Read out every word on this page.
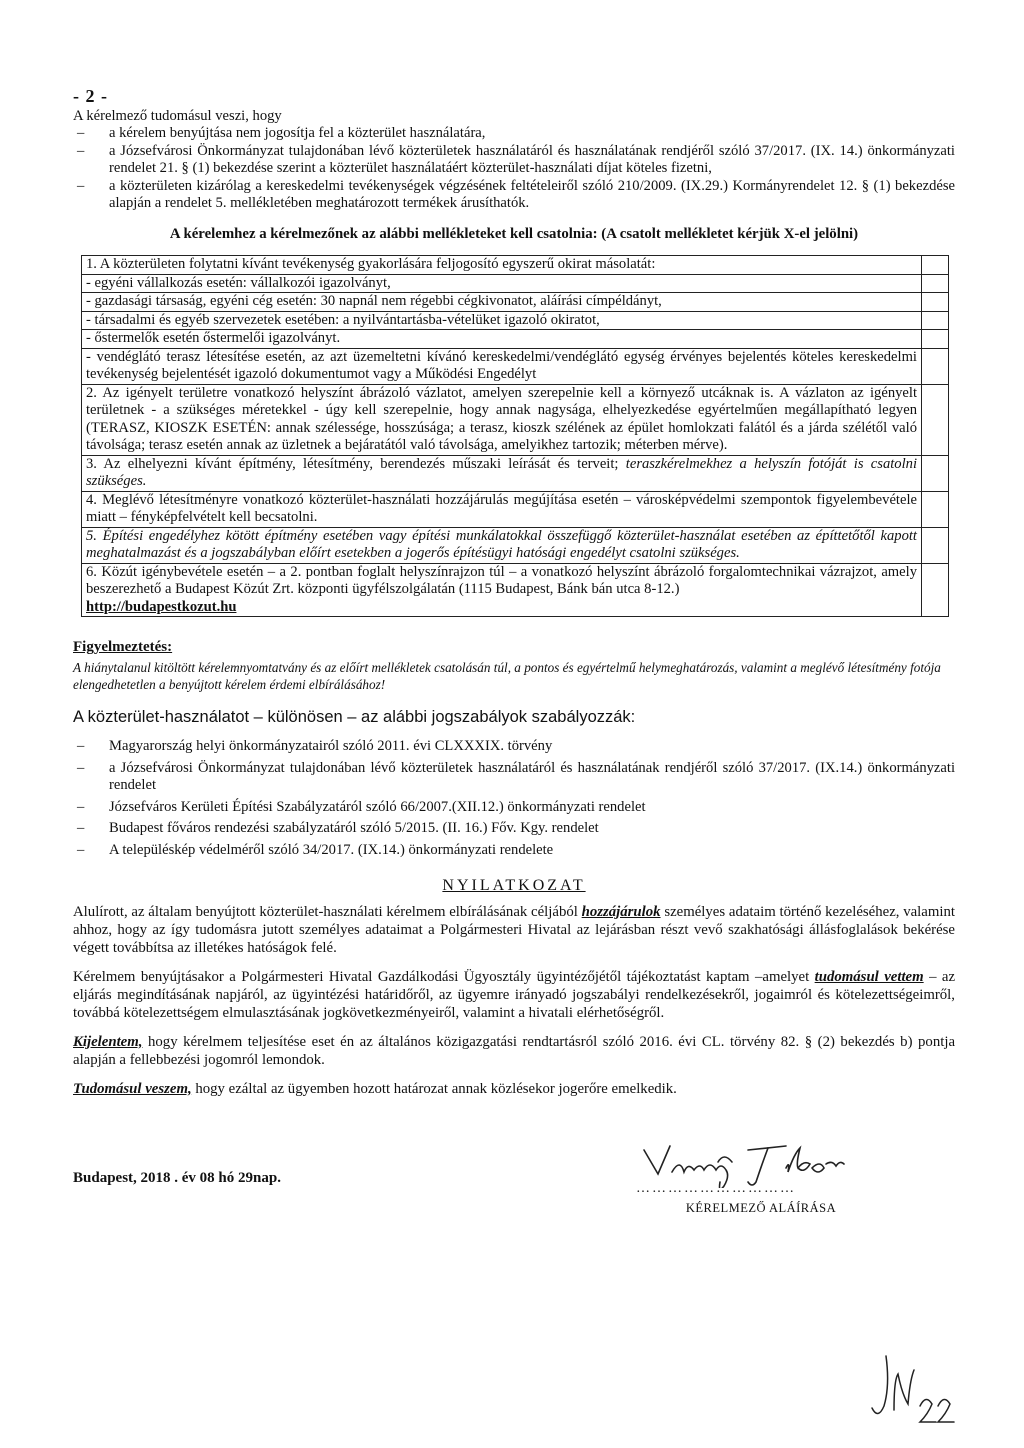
- 2 -
A kérelmező tudomásul veszi, hogy
– a kérelem benyújtása nem jogosítja fel a közterület használatára,
– a Józsefvárosi Önkormányzat tulajdonában lévő közterületek használatáról és használatának rendjéről szóló 37/2017. (IX. 14.) önkormányzati rendelet 21. § (1) bekezdése szerint a közterület használatáért közterület-használati díjat köteles fizetni,
– a közterületen kizárólag a kereskedelmi tevékenységek végzésének feltételeiről szóló 210/2009. (IX.29.) Kormányrendelet 12. § (1) bekezdése alapján a rendelet 5. mellékletében meghatározott termékek árusíthatók.
A kérelemhez a kérelmezőnek az alábbi mellékleteket kell csatolnia: (A csatolt mellékletet kérjük X-el jelölni)
1. A közterületen folytatni kívánt tevékenység gyakorlására feljogosító egyszerű okirat másolatát:	
- egyéni vállalkozás esetén: vállalkozói igazolványt,	
- gazdasági társaság, egyéni cég esetén: 30 napnál nem régebbi cégkivonatot, aláírási címpéldányt,	
- társadalmi és egyéb szervezetek esetében: a nyilvántartásba-vételüket igazoló okiratot,	
- őstermelők esetén őstermelői igazolványt.	
- vendéglátó terasz létesítése esetén, az azt üzemeltetni kívánó kereskedelmi/vendéglátó egység érvényes bejelentés köteles kereskedelmi tevékenység bejelentését igazoló dokumentumot vagy a Működési Engedélyt	
2. Az igényelt területre vonatkozó helyszínt ábrázoló vázlatot, amelyen szerepelnie kell a környező utcáknak is. A vázlaton az igényelt területnek - a szükséges méretekkel - úgy kell szerepelnie, hogy annak nagysága, elhelyezkedése egyértelműen megállapítható legyen (TERASZ, KIOSZK ESETÉN: annak szélessége, hosszúsága; a terasz, kioszk szélének az épület homlokzati falától és a járda szélétől való távolsága; terasz esetén annak az üzletnek a bejáratától való távolsága, amelyikhez tartozik; méterben mérve).	
3. Az elhelyezni kívánt építmény, létesítmény, berendezés műszaki leírását és terveit; teraszkérelmekhez a helyszín fotóját is csatolni szükséges.	
4. Meglévő létesítményre vonatkozó közterület-használati hozzájárulás megújítása esetén – városképvédelmi szempontok figyelembevétele miatt – fényképfelvételt kell becsatolni.	
5. Építési engedélyhez kötött építmény esetében vagy építési munkálatokkal összefüggő közterület-használat esetében az építtetőtől kapott meghatalmazást és a jogszabályban előírt esetekben a jogerős építésügyi hatósági engedélyt csatolni szükséges.	
6. Közút igénybevétele esetén – a 2. pontban foglalt helyszínrajzon túl – a vonatkozó helyszínt ábrázoló forgalomtechnikai vázrajzot, amely beszerezhető a Budapest Közút Zrt. központi ügyfélszolgálatán (1115 Budapest, Bánk bán utca 8-12.)
http://budapestkozut.hu	
Figyelmeztetés:
A hiánytalanul kitöltött kérelemnyomtatvány és az előírt mellékletek csatolásán túl, a pontos és egyértelmű helymeghatározás, valamint a meglévő létesítmény fotója elengedhetetlen a benyújtott kérelem érdemi elbírálásához!
A közterület-használatot – különösen – az alábbi jogszabályok szabályozzák:
– Magyarország helyi önkormányzatairól szóló 2011. évi CLXXXIX. törvény
– a Józsefvárosi Önkormányzat tulajdonában lévő közterületek használatáról és használatának rendjéről szóló 37/2017. (IX.14.) önkormányzati rendelet
– Józsefváros Kerületi Építési Szabályzatáról szóló 66/2007.(XII.12.) önkormányzati rendelet
– Budapest főváros rendezési szabályzatáról szóló 5/2015. (II. 16.) Főv. Kgy. rendelet
– A településkép védelméről szóló 34/2017. (IX.14.) önkormányzati rendelete
NYILATKOZAT

Alulírott, az általam benyújtott közterület-használati kérelmem elbírálásának céljából hozzájárulok személyes adataim történő kezeléséhez, valamint ahhoz, hogy az így tudomásra jutott személyes adataimat a Polgármesteri Hivatal az lejárásban részt vevő szakhatósági állásfoglalások bekérése végett továbbítsa az illetékes hatóságok felé.

Kérelmem benyújtásakor a Polgármesteri Hivatal Gazdálkodási Ügyosztály ügyintézőjétől tájékoztatást kaptam –amelyet tudomásul vettem – az eljárás megindításának napjáról, az ügyintézési határidőről, az ügyemre irányadó jogszabályi rendelkezésekről, jogaimról és kötelezettségeimről, továbbá kötelezettségem elmulasztásának jogkövetkezményeiről, valamint a hivatali elérhetőségről.

Kijelentem, hogy kérelmem teljesítése eset én az általános közigazgatási rendtartásról szóló 2016. évi CL. törvény 82. § (2) bekezdés b) pontja alapján a fellebbezési jogomról lemondok.

Tudomásul veszem, hogy ezáltal az ügyemben hozott határozat annak közlésekor jogerőre emelkedik.

Budapest, 2018 . év 08 hó 29nap.
…………………………
KÉRELMEZŐ ALÁÍRÁSA
